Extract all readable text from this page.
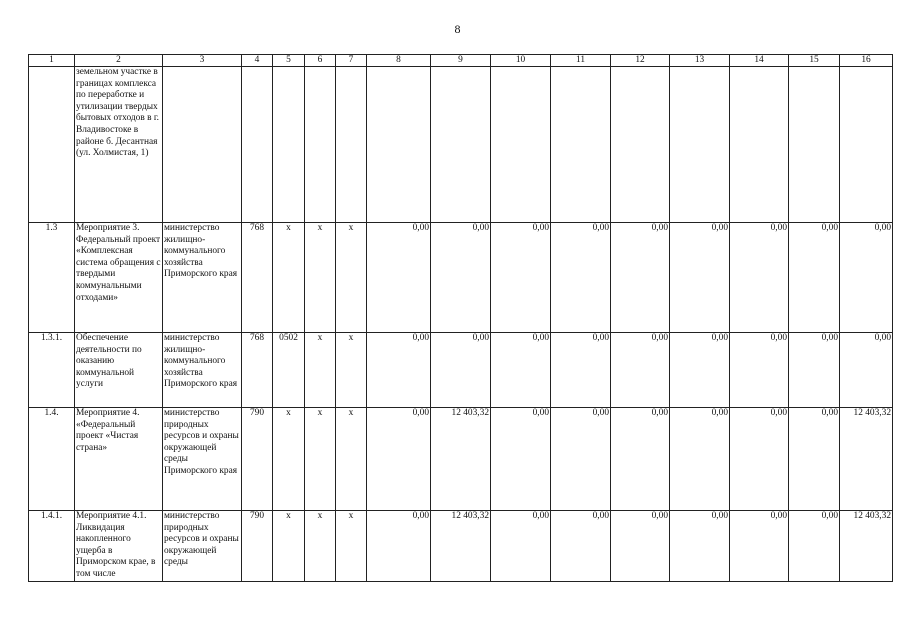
8
1	2	3	4	5	6	7	8	9	10	11	12	13	14	15	16
	земельном участке в границах комплекса по переработке и утилизации твердых бытовых отходов в г. Владивостоке в районе б. Десантная (ул. Холмистая, 1)														
1.3	Мероприятие 3. Федеральный проект «Комплексная система обращения с твердыми коммунальными отходами»	министерство жилищно-коммунального хозяйства Приморского края	768	x	x	x	0,00	0,00	0,00	0,00	0,00	0,00	0,00	0,00	0,00
1.3.1.	Обеспечение деятельности по оказанию коммунальной услуги	министерство жилищно-коммунального хозяйства Приморского края	768	0502	x	x	0,00	0,00	0,00	0,00	0,00	0,00	0,00	0,00	0,00
1.4.	Мероприятие 4. «Федеральный проект «Чистая страна»	министерство природных ресурсов и охраны окружающей среды Приморского края	790	x	x	x	0,00	12 403,32	0,00	0,00	0,00	0,00	0,00	0,00	12 403,32
1.4.1.	Мероприятие 4.1. Ликвидация накопленного ущерба в Приморском крае, в том числе	министерство природных ресурсов и охраны окружающей среды	790	x	x	x	0,00	12 403,32	0,00	0,00	0,00	0,00	0,00	0,00	12 403,32
